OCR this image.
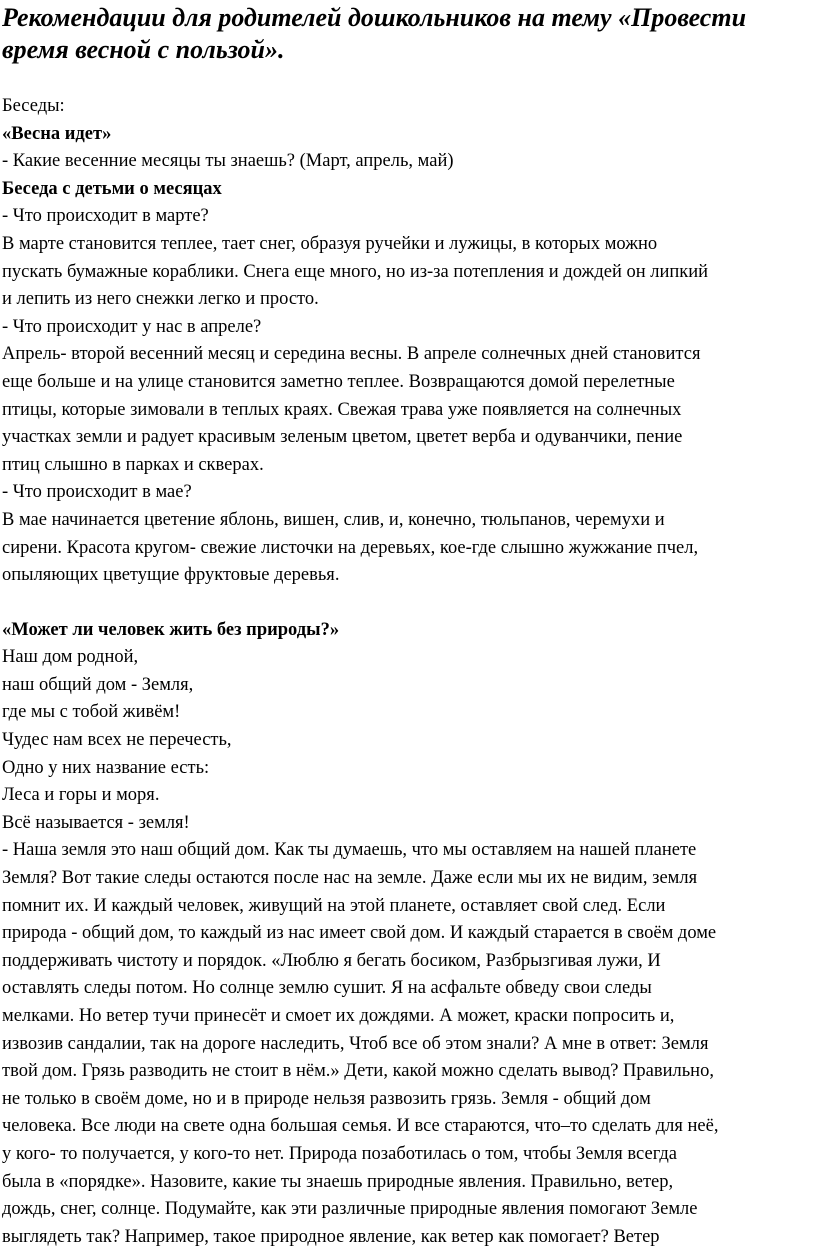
Рекомендации для родителей дошкольников на тему «Провести
время весной с пользой».
Беседы:
«Весна идет»
- Какие весенние месяцы ты знаешь? (Март, апрель, май)
Беседа с детьми о месяцах
- Что происходит в марте?
В марте становится теплее, тает снег, образуя ручейки и лужицы, в которых можно
пускать бумажные кораблики. Снега еще много, но из-за потепления и дождей он липкий
и лепить из него снежки легко и просто.
- Что происходит у нас в апреле?
Апрель- второй весенний месяц и середина весны. В апреле солнечных дней становится
еще больше и на улице становится заметно теплее. Возвращаются домой перелетные
птицы, которые зимовали в теплых краях. Свежая трава уже появляется на солнечных
участках земли и радует красивым зеленым цветом, цветет верба и одуванчики, пение
птиц слышно в парках и скверах.
- Что происходит в мае?
В мае начинается цветение яблонь, вишен, слив, и, конечно, тюльпанов, черемухи и
сирени. Красота кругом- свежие листочки на деревьях, кое-где слышно жужжание пчел,
опыляющих цветущие фруктовые деревья.
«Может ли человек жить без природы?»
Наш дом родной,
наш общий дом - Земля,
где мы с тобой живём!
Чудес нам всех не перечесть,
Одно у них название есть:
Леса и горы и моря.
Всё называется - земля!
- Наша земля это наш общий дом. Как ты думаешь, что мы оставляем на нашей планете
Земля? Вот такие следы остаются после нас на земле. Даже если мы их не видим, земля
помнит их. И каждый человек, живущий на этой планете, оставляет свой след. Если
природа - общий дом, то каждый из нас имеет свой дом. И каждый старается в своём доме
поддерживать чистоту и порядок. «Люблю я бегать босиком, Разбрызгивая лужи, И
оставлять следы потом. Но солнце землю сушит. Я на асфальте обведу свои следы
мелками. Но ветер тучи принесёт и смоет их дождями. А может, краски попросить и,
извозив сандалии, так на дороге наследить, Чтоб все об этом знали? А мне в ответ: Земля
твой дом. Грязь разводить не стоит в нём.» Дети, какой можно сделать вывод? Правильно,
не только в своём доме, но и в природе нельзя развозить грязь. Земля - общий дом
человека. Все люди на свете одна большая семья. И все стараются, что–то сделать для неё,
у кого- то получается, у кого-то нет. Природа позаботилась о том, чтобы Земля всегда
была в «порядке». Назовите, какие ты знаешь природные явления. Правильно, ветер,
дождь, снег, солнце. Подумайте, как эти различные природные явления помогают Земле
выглядеть так? Например, такое природное явление, как ветер как помогает? Ветер
